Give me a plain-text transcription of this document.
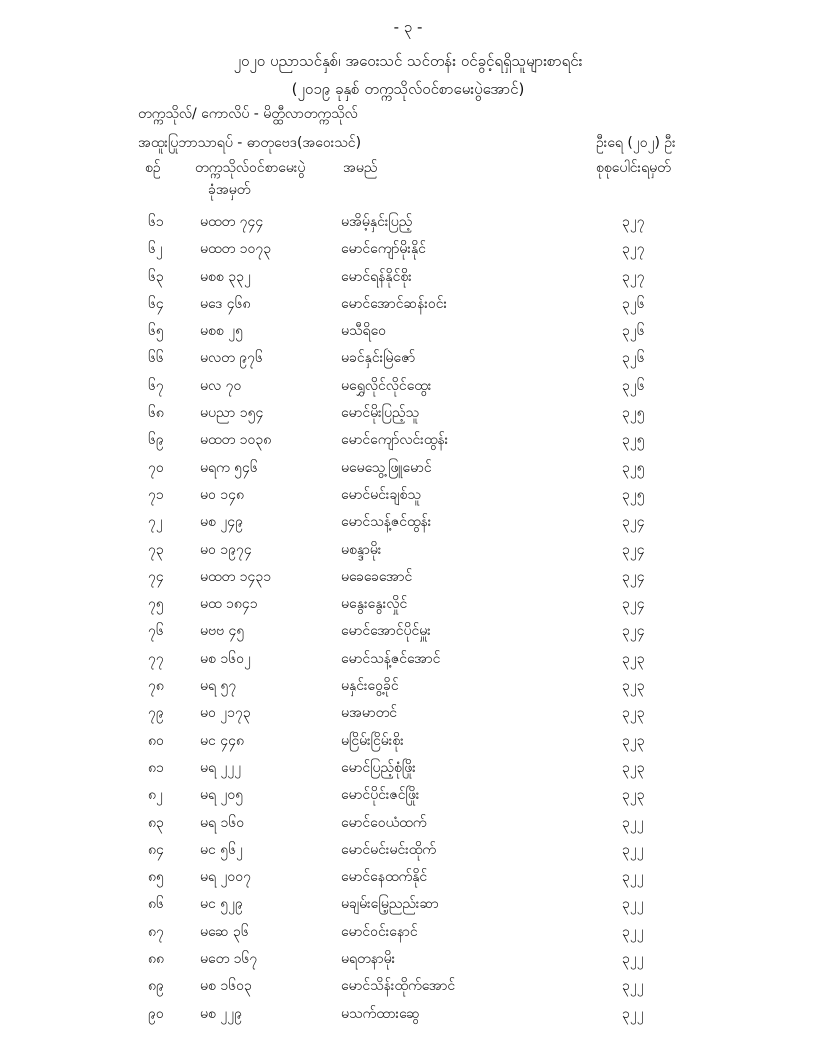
- ၃ -
၂၀၂၀ ပညာသင်နှစ်၊ အဝေးသင် သင်တန်း ဝင်ခွင့်ရရှိသူများစာရင်း
(၂၀၁၉ ခုနှစ် တက္ကသိုလ်ဝင်စာမေးပွဲအောင်)
တက္ကသိုလ်/ ကောလိပ် - မိတ္ထီလာတက္ကသိုလ်
အထူးပြုဘာသာရပ် - ဓာတုဗေဒ(အဝေးသင်)	ဦးရေ (၂၀၂) ဦး
စဉ် တက္ကသိုလ်ဝင်စာမေးပွဲ
ခုံအမှတ်
အမည်	စုစုပေါင်းရမှတ်
၆၁	မထတ ၇၄၄	မအိမ့်နှင်းပြည့်	၃၂၇
၆၂	မထတ ၁၀၇၃	မောင်ကျော်မိုးနိုင်	၃၂၇
၆၃	မစစ ၃၃၂	မောင်ရန်နိုင်စိုး	၃၂၇
၆၄	မဒေ ၄၆၈	မောင်အောင်ဆန်းဝင်း	၃၂၆
၆၅	မစစ ၂၅	မသီရိဝေ	၃၂၆
၆၆	မလတ ၉၇၆	မခင်နှင်းမြဲဇော်	၃၂၆
၆၇	မလ ၇၀	မရွှေလိုင်လိုင်ထွေး	၃၂၆
၆၈	မပညာ ၁၅၄	မောင်မိုးပြည့်သူ	၃၂၅
၆၉	မထတ ၁၀၃၈	မောင်ကျော်လင်းထွန်း	၃၂၅
၇၀	မရက ၅၄၆	မမေသွေ့ဖြူမောင်	၃၂၅
၇၁	မဝ ၁၄၈	မောင်မင်းချစ်သူ	၃၂၅
၇၂	မစ ၂၄၉	မောင်သန့်ဇင်ထွန်း	၃၂၄
၇၃	မဝ ၁၉၇၄	မစန္ဒာမိုး	၃၂၄
၇၄	မထတ ၁၄၃၁	မခေခေအောင်	၃၂၄
၇၅	မထ ၁၈၄၁	မနွေးနွေးလှိုင်	၃၂၄
၇၆	မဗဗ ၄၅	မောင်အောင်ပိုင်မှူး	၃၂၄
၇၇	မစ ၁၆၀၂	မောင်သန့်ဇင်အောင်	၃၂၃
၇၈	မရ ၅၇	မနှင်းဝွေ့ခိုင်	၃၂၃
၇၉	မဝ ၂၁၇၃	မအမာတင်	၃၂၃
၈၀	မင ၄၄၈	မငြိမ်းငြိမ်းစိုး	၃၂၃
၈၁	မရ ၂၂၂	မောင်ပြည့်စုံဖြိုး	၃၂၃
၈၂	မရ ၂၀၅	မောင်ပိုင်းဇင်ဖြိုး	၃၂၃
၈၃	မရ ၁၆၀	မောင်ဝေယံထက်	၃၂၂
၈၄	မင ၅၆၂	မောင်မင်းမင်းထိုက်	၃၂၂
၈၅	မရ ၂၀၀၇	မောင်နေထက်နိုင်	၃၂၂
၈၆	မင ၅၂၉	မချမ်းမြေ့ညည်းဆာ	၃၂၂
၈၇	မဆေ ၃၆	မောင်ဝင်းနောင်	၃၂၂
၈၈	မတေ ၁၆၇	မရတနာမိုး	၃၂၂
၈၉	မစ ၁၆၀၃	မောင်သိန်းထိုက်အောင်	၃၂၂
၉၀	မစ ၂၂၉	မသက်ထားဆွေ	၃၂၂
